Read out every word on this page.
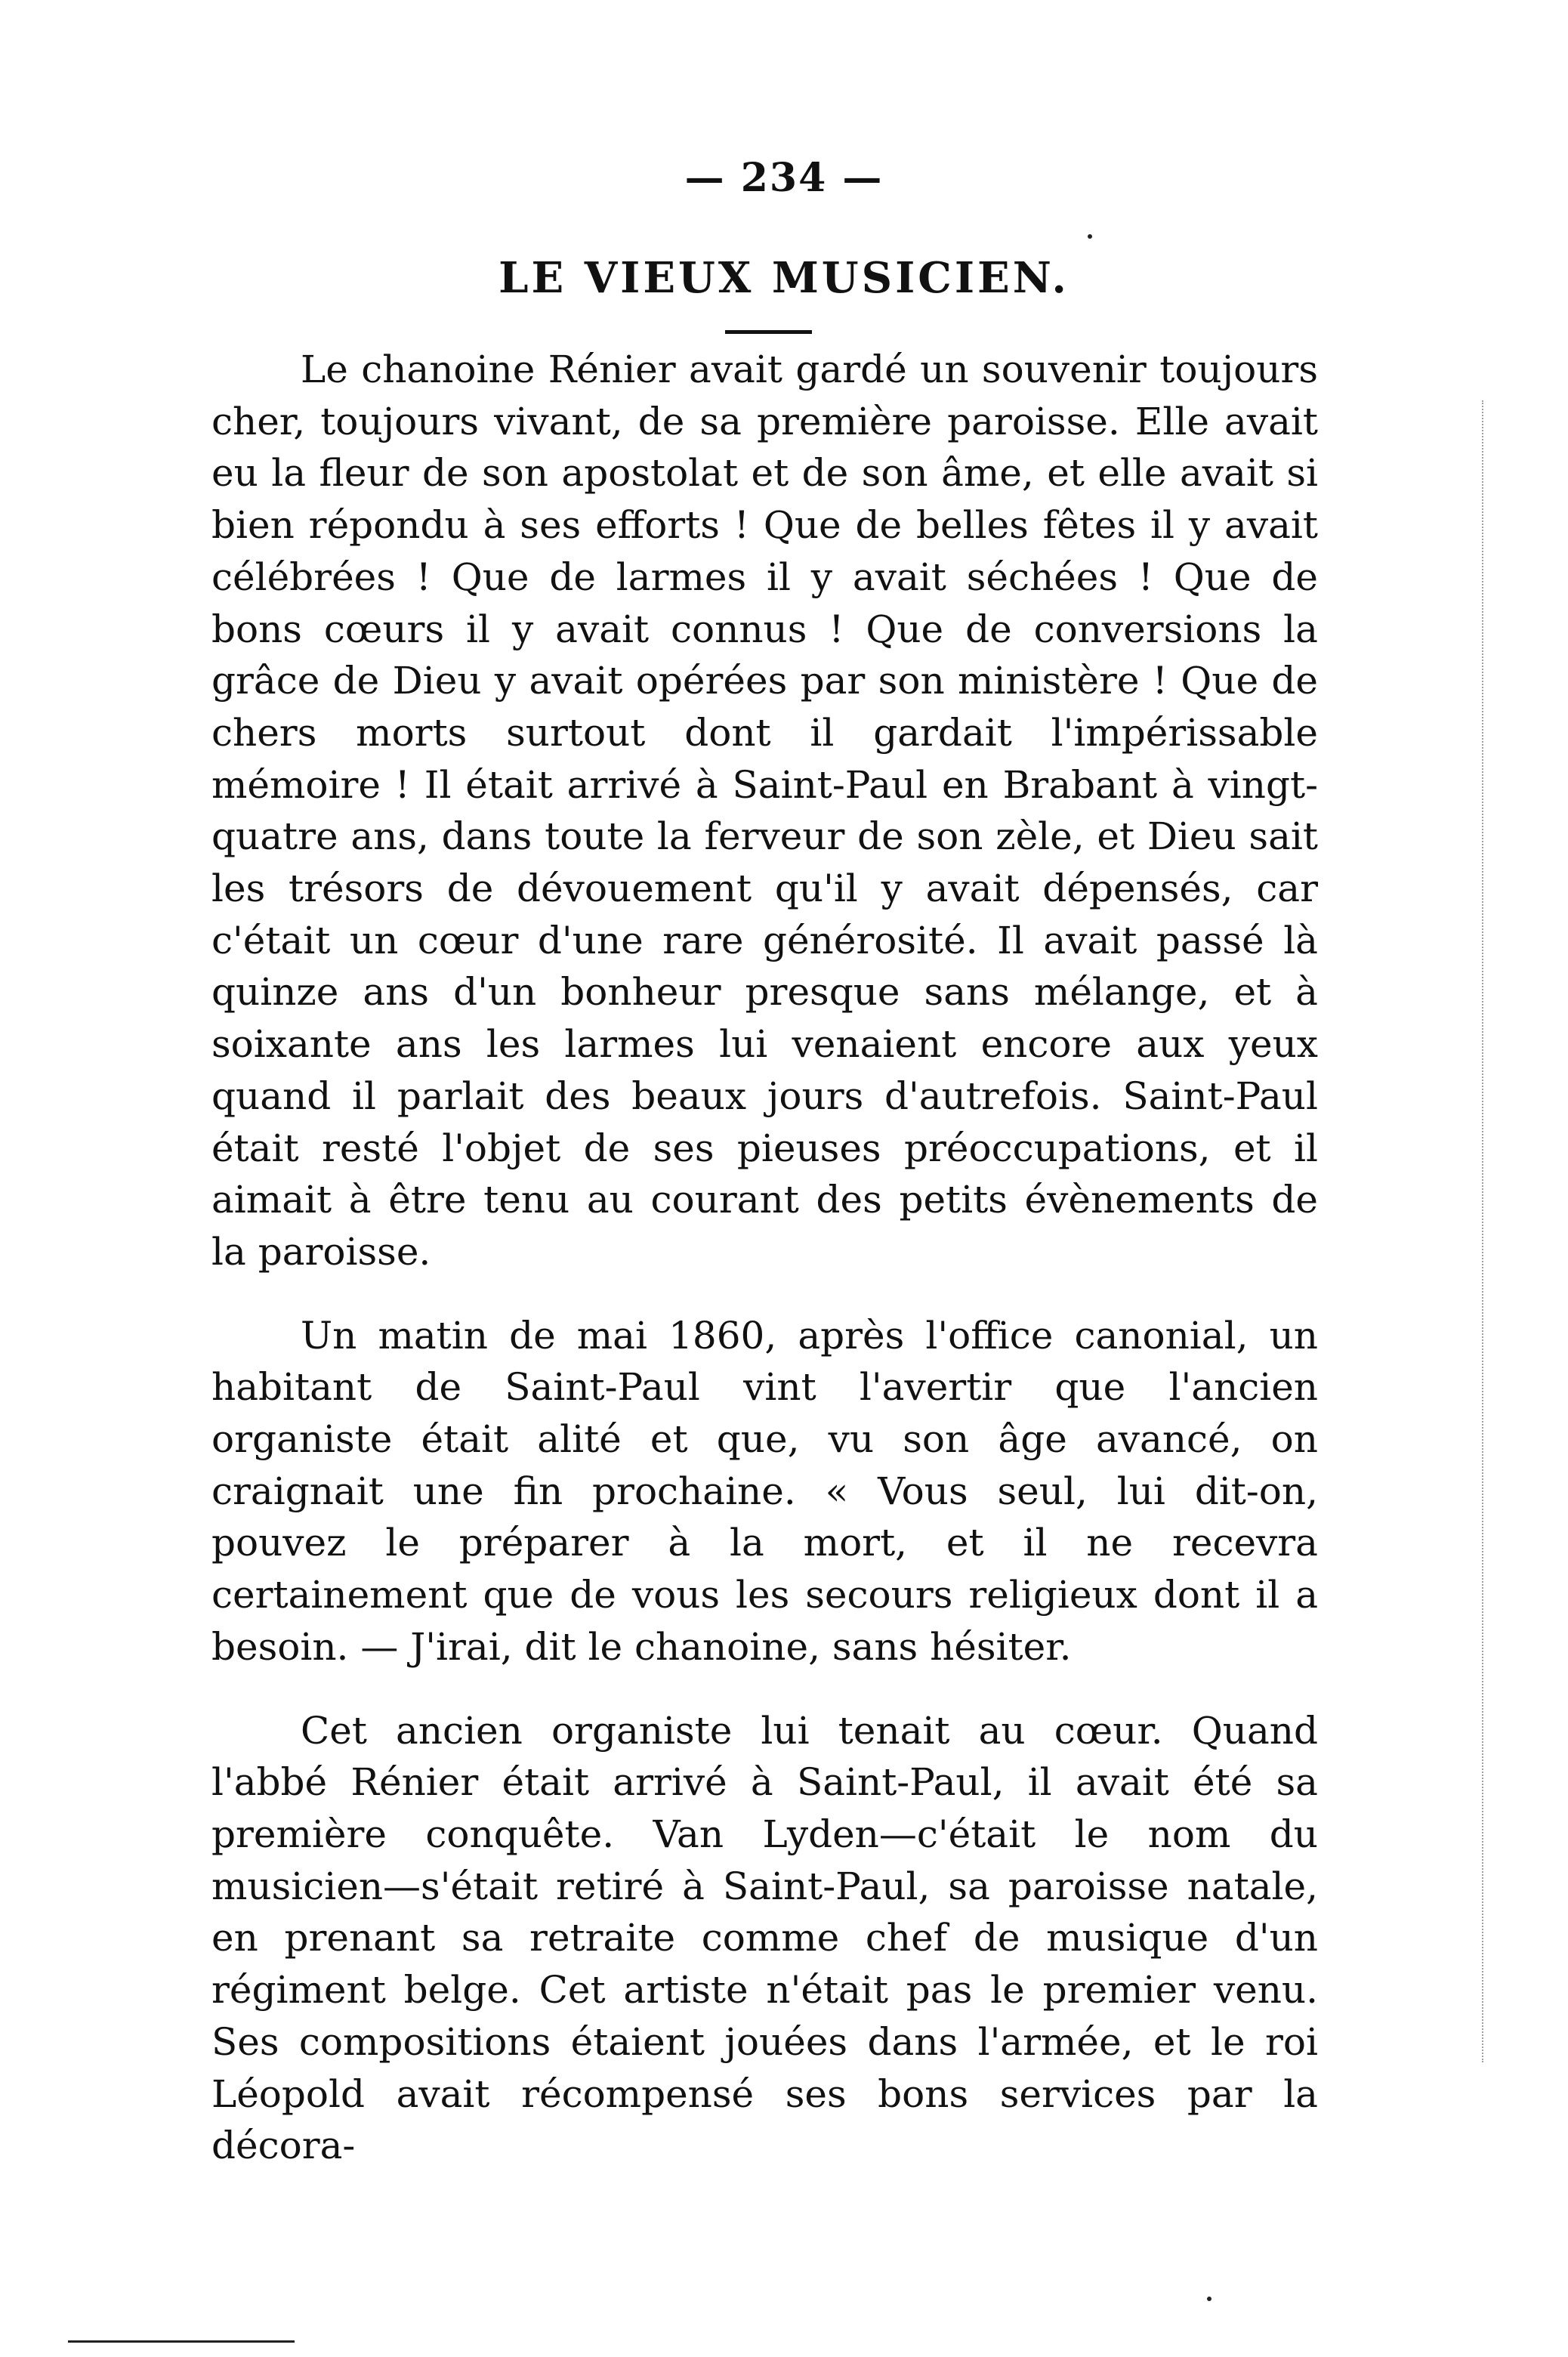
— 234 —
LE VIEUX MUSICIEN.

Le chanoine Rénier avait gardé un souvenir toujours cher, toujours vivant, de sa première paroisse. Elle avait eu la fleur de son apostolat et de son âme, et elle avait si bien répondu à ses efforts ! Que de belles fêtes il y avait célébrées ! Que de larmes il y avait séchées ! Que de bons cœurs il y avait connus ! Que de conversions la grâce de Dieu y avait opérées par son ministère ! Que de chers morts surtout dont il gardait l'impérissable mémoire ! Il était arrivé à Saint-Paul en Brabant à vingt-quatre ans, dans toute la ferveur de son zèle, et Dieu sait les trésors de dévouement qu'il y avait dépensés, car c'était un cœur d'une rare générosité. Il avait passé là quinze ans d'un bonheur presque sans mélange, et à soixante ans les larmes lui venaient encore aux yeux quand il parlait des beaux jours d'autrefois. Saint-Paul était resté l'objet de ses pieuses préoccupations, et il aimait à être tenu au courant des petits évènements de la paroisse.

Un matin de mai 1860, après l'office canonial, un habitant de Saint-Paul vint l'avertir que l'ancien organiste était alité et que, vu son âge avancé, on craignait une fin prochaine. « Vous seul, lui dit-on, pouvez le préparer à la mort, et il ne recevra certainement que de vous les secours religieux dont il a besoin. — J'irai, dit le chanoine, sans hésiter.

Cet ancien organiste lui tenait au cœur. Quand l'abbé Rénier était arrivé à Saint-Paul, il avait été sa première conquête. Van Lyden—c'était le nom du musicien—s'était retiré à Saint-Paul, sa paroisse natale, en prenant sa retraite comme chef de musique d'un régiment belge. Cet artiste n'était pas le premier venu. Ses compositions étaient jouées dans l'armée, et le roi Léopold avait récompensé ses bons services par la décora-
